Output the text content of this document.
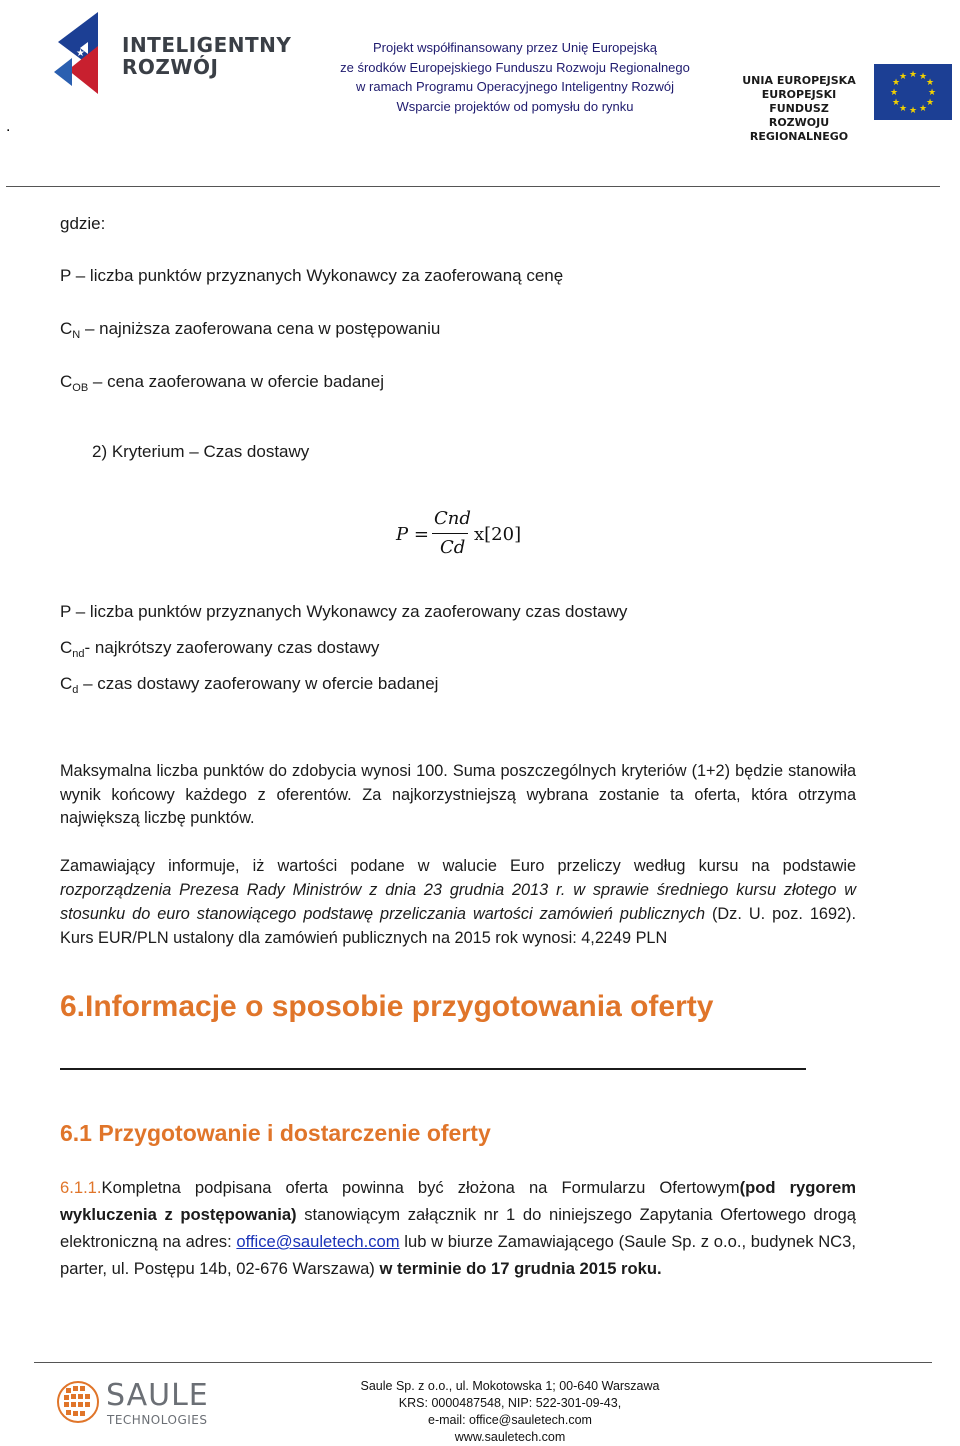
.
★ INTELIGENTNY
ROZWÓJ
Projekt współfinansowany przez Unię Europejską
ze środków Europejskiego Funduszu Rozwoju Regionalnego
w ramach Programu Operacyjnego Inteligentny Rozwój
Wsparcie projektów od pomysłu do rynku
UNIA EUROPEJSKA
EUROPEJSKI FUNDUSZ
ROZWOJU REGIONALNEGO
★ ★
★
★
★
★
★
★
★
★
★
★
gdzie:
P – liczba punktów przyznanych Wykonawcy za zaoferowaną cenę
$C_N$ – najniższa zaoferowana cena w postępowaniu
$C_{OB}$ – cena zaoferowana w ofercie badanej
2) Kryterium – Czas dostawy
P =
Cnd
Cd
x[20]
P – liczba punktów przyznanych Wykonawcy za zaoferowany czas dostawy
$C_{nd}-$ najkrótszy zaoferowany czas dostawy
$C_d$ – czas dostawy zaoferowany w ofercie badanej
Maksymalna liczba punktów do zdobycia wynosi 100. Suma poszczególnych kryteriów (1+2) będzie stanowiła wynik końcowy każdego z oferentów. Za najkorzystniejszą wybrana zostanie ta oferta, która otrzyma największą liczbę punktów.
Zamawiający informuje, iż wartości podane w walucie Euro przeliczy według kursu na podstawie rozporządzenia Prezesa Rady Ministrów z dnia 23 grudnia 2013 r. w sprawie średniego kursu złotego w stosunku do euro stanowiącego podstawę przeliczania wartości zamówień publicznych (Dz. U. poz. 1692). Kurs EUR/PLN ustalony dla zamówień publicznych na 2015 rok wynosi: 4,2249 PLN
6.Informacje o sposobie przygotowania oferty
6.1 Przygotowanie i dostarczenie oferty
6.1.1.Kompletna podpisana oferta powinna być złożona na Formularzu Ofertowym(pod rygorem wykluczenia z postępowania) stanowiącym załącznik nr 1 do niniejszego Zapytania Ofertowego drogą elektroniczną na adres: office@sauletech.com lub w biurze Zamawiającego (Saule Sp. z o.o., budynek NC3, parter, ul. Postępu 14b, 02-676 Warszawa) w terminie do 17 grudnia 2015 roku.
SAULE
TECHNOLOGIES
Saule Sp. z o.o., ul. Mokotowska 1; 00-640 Warszawa
KRS: 0000487548, NIP: 522-301-09-43,
e-mail: office@sauletech.com
www.sauletech.com
